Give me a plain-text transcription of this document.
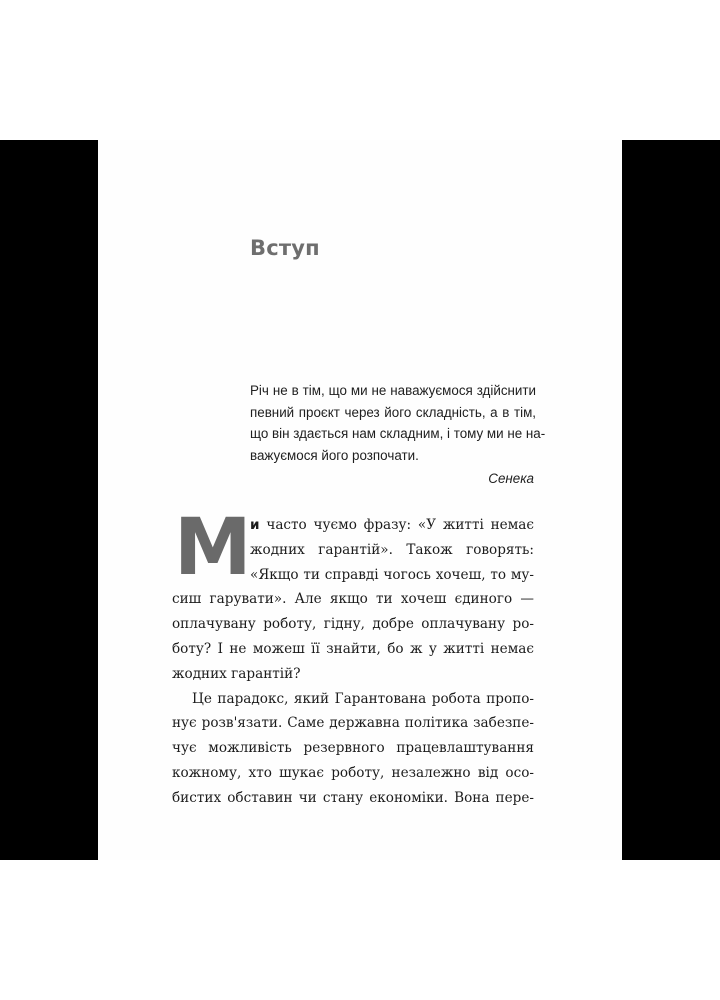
Вступ
Річ не в тім, що ми не наважуємося здійснити
певний проєкт через його складність, а в тім,
що він здається нам складним, і тому ми не на-
важуємося його розпочати.
Сенека
М и часто чуємо фразу: «У житті немає
жодних гарантій». Також говорять:
«Якщо ти справді чогось хочеш, то му-
сиш гарувати». Але якщо ти хочеш єдиного —
оплачувану роботу, гідну, добре оплачувану ро-
боту? І не можеш її знайти, бо ж у житті немає
жодних гарантій?
Це парадокс, який Гарантована робота пропо-
нує розв'язати. Саме державна політика забезпе-
чує можливість резервного працевлаштування
кожному, хто шукає роботу, незалежно від осо-
бистих обставин чи стану економіки. Вона пере-
